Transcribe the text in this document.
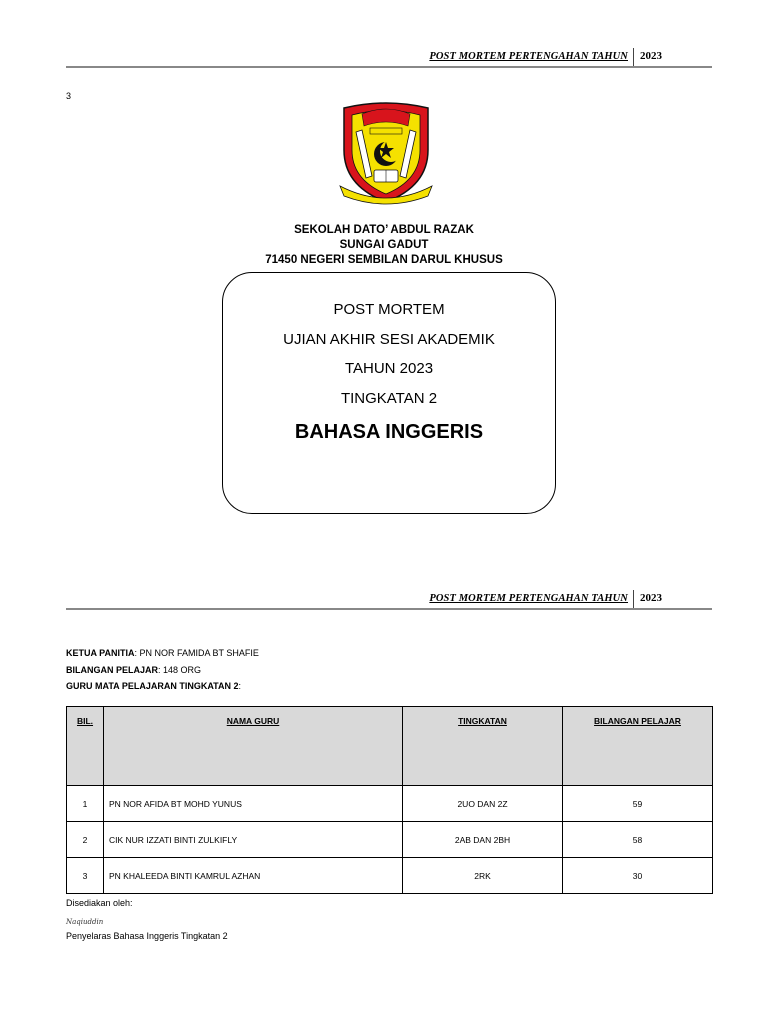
POST MORTEM PERTENGAHAN TAHUN 2023
3
SEKOLAH DATO’ ABDUL RAZAK
SUNGAI GADUT
71450 NEGERI SEMBILAN DARUL KHUSUS
POST MORTEM
UJIAN AKHIR SESI AKADEMIK
TAHUN 2023
TINGKATAN 2
BAHASA INGGERIS
POST MORTEM PERTENGAHAN TAHUN 2023
KETUA PANITIA: PN NOR FAMIDA BT SHAFIE
BILANGAN PELAJAR: 148 ORG
GURU MATA PELAJARAN TINGKATAN 2:
BIL.	NAMA GURU	TINGKATAN	BILANGAN PELAJAR
1	PN NOR AFIDA BT MOHD YUNUS	2UO DAN 2Z	59
2	CIK NUR IZZATI BINTI ZULKIFLY	2AB DAN 2BH	58
3	PN KHALEEDA BINTI KAMRUL AZHAN	2RK	30
Disediakan oleh:
Naqiuddin
Penyelaras Bahasa Inggeris Tingkatan 2
